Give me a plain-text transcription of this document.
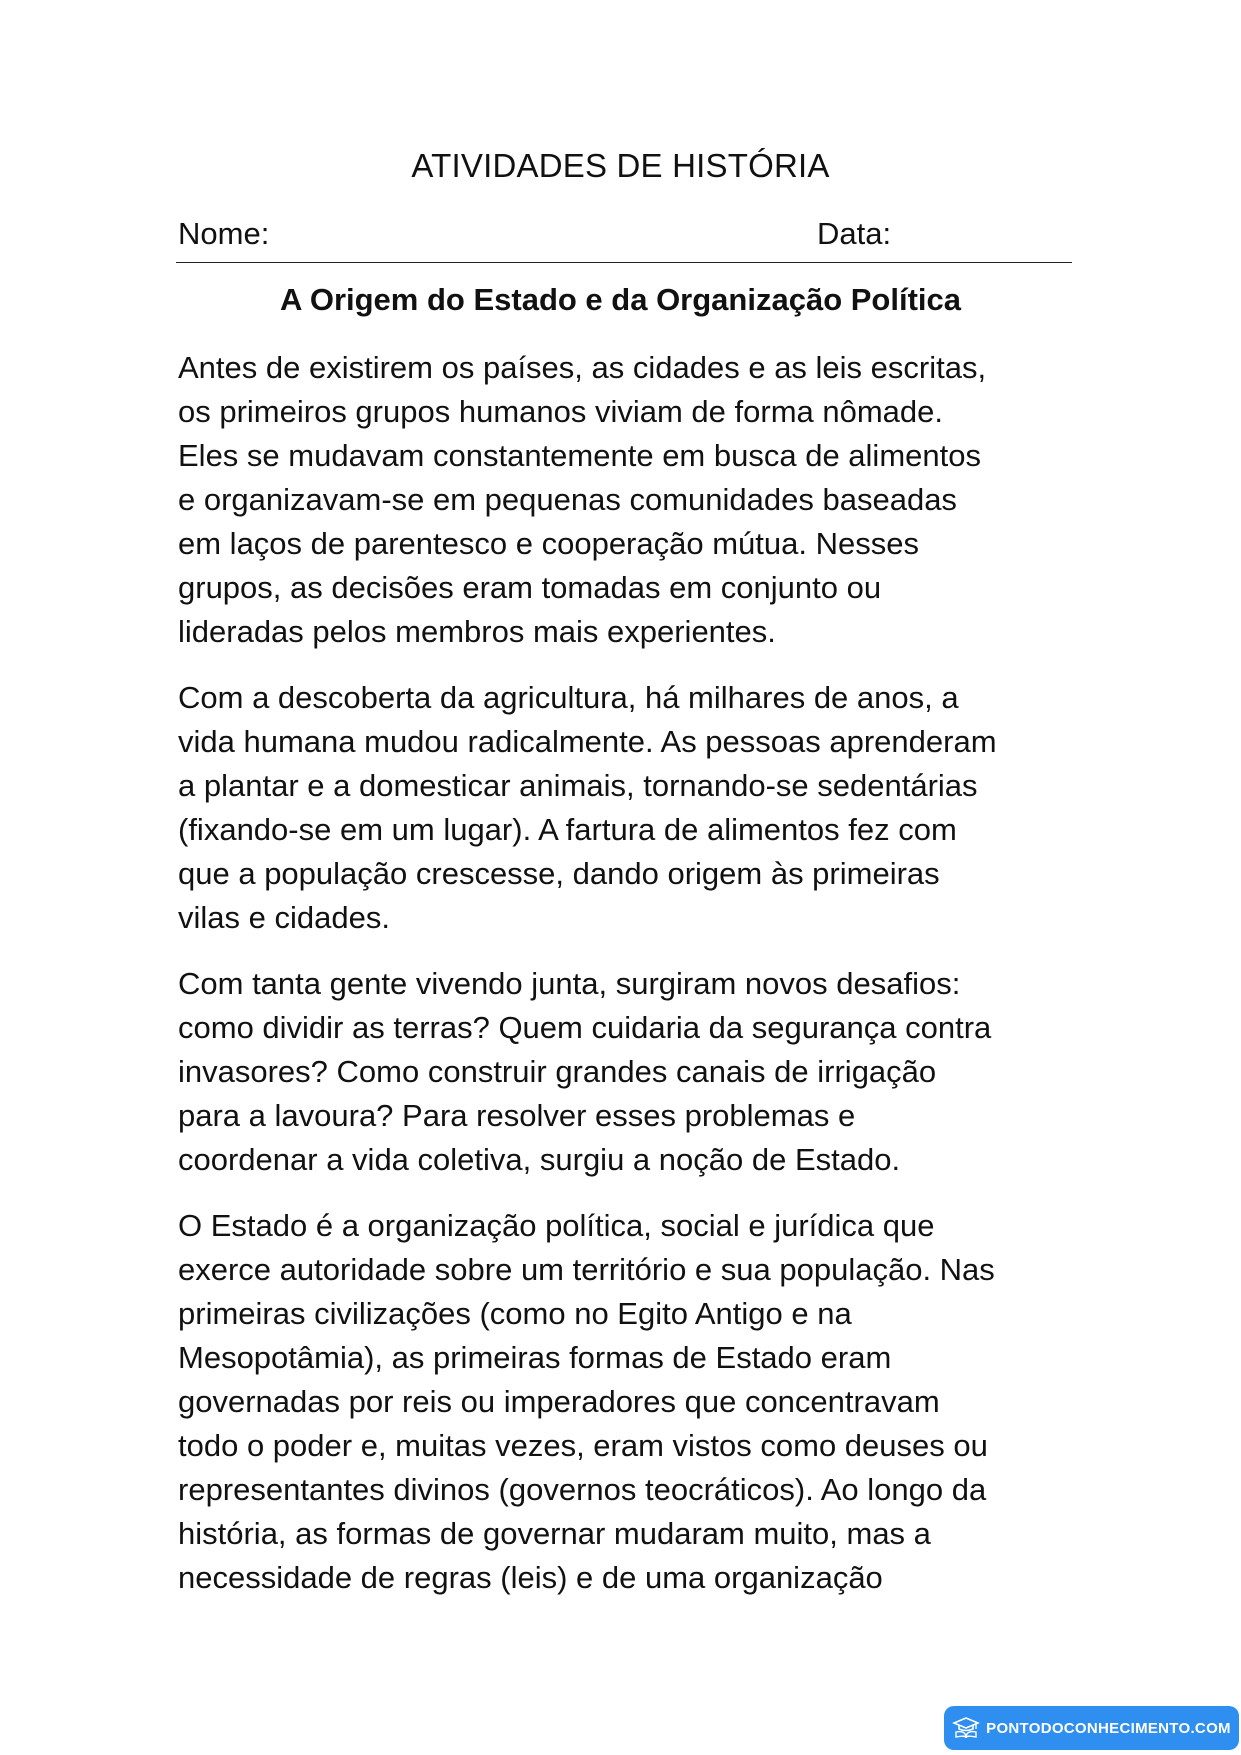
ATIVIDADES DE HISTÓRIA
Nome:	Data:
A Origem do Estado e da Organização Política

Antes de existirem os países, as cidades e as leis escritas,
os primeiros grupos humanos viviam de forma nômade.
Eles se mudavam constantemente em busca de alimentos
e organizavam-se em pequenas comunidades baseadas
em laços de parentesco e cooperação mútua. Nesses
grupos, as decisões eram tomadas em conjunto ou
lideradas pelos membros mais experientes.

Com a descoberta da agricultura, há milhares de anos, a
vida humana mudou radicalmente. As pessoas aprenderam
a plantar e a domesticar animais, tornando-se sedentárias
(fixando-se em um lugar). A fartura de alimentos fez com
que a população crescesse, dando origem às primeiras
vilas e cidades.

Com tanta gente vivendo junta, surgiram novos desafios:
como dividir as terras? Quem cuidaria da segurança contra
invasores? Como construir grandes canais de irrigação
para a lavoura? Para resolver esses problemas e
coordenar a vida coletiva, surgiu a noção de Estado.

O Estado é a organização política, social e jurídica que
exerce autoridade sobre um território e sua população. Nas
primeiras civilizações (como no Egito Antigo e na
Mesopotâmia), as primeiras formas de Estado eram
governadas por reis ou imperadores que concentravam
todo o poder e, muitas vezes, eram vistos como deuses ou
representantes divinos (governos teocráticos). Ao longo da
história, as formas de governar mudaram muito, mas a
necessidade de regras (leis) e de uma organização

PONTODOCONHECIMENTO.COM
